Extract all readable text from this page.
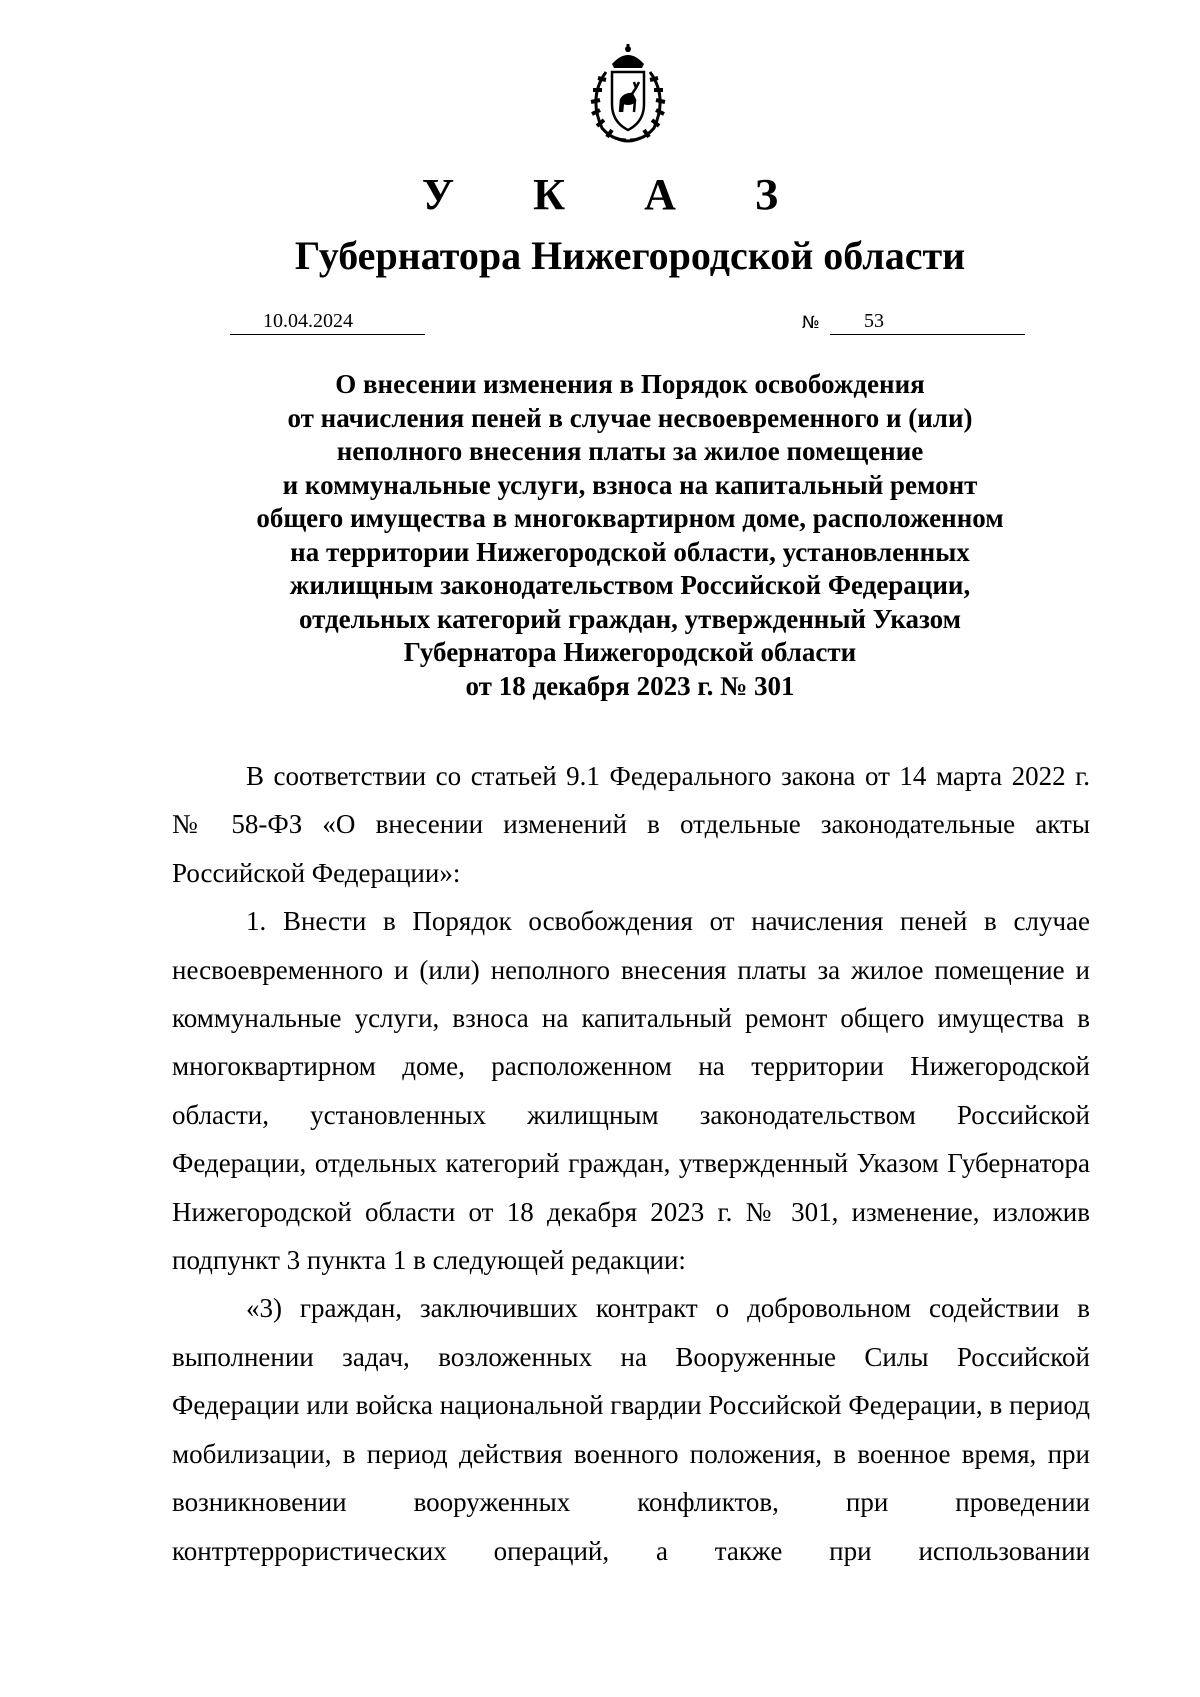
У К А З
Губернатора Нижегородской области
10.04.2024	№ 53
О внесении изменения в Порядок освобождения
от начисления пеней в случае несвоевременного и (или)
неполного внесения платы за жилое помещение
и коммунальные услуги, взноса на капитальный ремонт
общего имущества в многоквартирном доме, расположенном
на территории Нижегородской области, установленных
жилищным законодательством Российской Федерации,
отдельных категорий граждан, утвержденный Указом
Губернатора Нижегородской области
от 18 декабря 2023 г. № 301

В соответствии со статьей 9.1 Федерального закона от 14 марта 2022 г. № 58-ФЗ «О внесении изменений в отдельные законодательные акты Российской Федерации»:

1. Внести в Порядок освобождения от начисления пеней в случае несвоевременного и (или) неполного внесения платы за жилое помещение и коммунальные услуги, взноса на капитальный ремонт общего имущества в многоквартирном доме, расположенном на территории Нижегородской области, установленных жилищным законодательством Российской Федерации, отдельных категорий граждан, утвержденный Указом Губернатора Нижегородской области от 18 декабря 2023 г. № 301, изменение, изложив подпункт 3 пункта 1 в следующей редакции:

«3) граждан, заключивших контракт о добровольном содействии в выполнении задач, возложенных на Вооруженные Силы Российской Федерации или войска национальной гвардии Российской Федерации, в период мобилизации, в период действия военного положения, в военное время, при возникновении вооруженных конфликтов, при проведении контртеррористических операций, а также при использовании
